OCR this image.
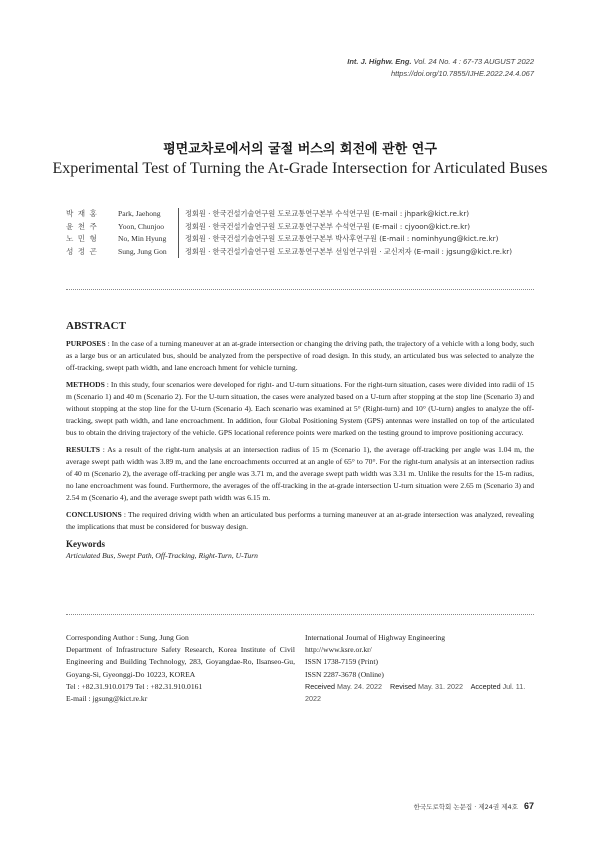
Int. J. Highw. Eng. Vol. 24 No. 4 : 67-73 AUGUST 2022
https://doi.org/10.7855/IJHE.2022.24.4.067
평면교차로에서의 굴절 버스의 회전에 관한 연구
Experimental Test of Turning the At-Grade Intersection for Articulated Buses
박 재 홍	Park, Jaehong	정회원 · 한국건설기술연구원 도로교통연구본부 수석연구원 (E-mail : jhpark@kict.re.kr)
윤 천 주	Yoon, Chunjoo	정회원 · 한국건설기술연구원 도로교통연구본부 수석연구원 (E-mail : cjyoon@kict.re.kr)
노 민 형	No, Min Hyung	정회원 · 한국건설기술연구원 도로교통연구본부 박사후연구원 (E-mail : nominhyung@kict.re.kr)
성 정 곤	Sung, Jung Gon	정회원 · 한국건설기술연구원 도로교통연구본부 선임연구위원 · 교신저자 (E-mail : jgsung@kict.re.kr)
ABSTRACT

PURPOSES : In the case of a turning maneuver at an at-grade intersection or changing the driving path, the trajectory of a vehicle with a long body, such as a large bus or an articulated bus, should be analyzed from the perspective of road design. In this study, an articulated bus was selected to analyze the off-tracking, swept path width, and lane encroach hment for vehicle turning.

METHODS : In this study, four scenarios were developed for right- and U-turn situations. For the right-turn situation, cases were divided into radii of 15 m (Scenario 1) and 40 m (Scenario 2). For the U-turn situation, the cases were analyzed based on a U-turn after stopping at the stop line (Scenario 3) and without stopping at the stop line for the U-turn (Scenario 4). Each scenario was examined at 5° (Right-turn) and 10° (U-turn) angles to analyze the off-tracking, swept path width, and lane encroachment. In addition, four Global Positioning System (GPS) antennas were installed on top of the articulated bus to obtain the driving trajectory of the vehicle. GPS locational reference points were marked on the testing ground to improve positioning accuracy.

RESULTS : As a result of the right-turn analysis at an intersection radius of 15 m (Scenario 1), the average off-tracking per angle was 1.04 m, the average swept path width was 3.89 m, and the lane encroachments occurred at an angle of 65° to 70°. For the right-turn analysis at an intersection radius of 40 m (Scenario 2), the average off-tracking per angle was 3.71 m, and the average swept path width was 3.31 m. Unlike the results for the 15-m radius, no lane encroachment was found. Furthermore, the averages of the off-tracking in the at-grade intersection U-turn situation were 2.65 m (Scenario 3) and 2.54 m (Scenario 4), and the average swept path width was 6.15 m.

CONCLUSIONS : The required driving width when an articulated bus performs a turning maneuver at an at-grade intersection was analyzed, revealing the implications that must be considered for busway design.

Keywords
Articulated Bus, Swept Path, Off-Tracking, Right-Turn, U-Turn
Corresponding Author : Sung, Jung Gon
Department of Infrastructure Safety Research, Korea Institute of Civil Engineering and Building Technology, 283, Goyangdae-Ro, Ilsanseo-Gu, Goyang-Si, Gyeonggi-Do 10223, KOREA
Tel : +82.31.910.0179 Tel : +82.31.910.0161
E-mail : jgsung@kict.re.kr
International Journal of Highway Engineering
http://www.ksre.or.kr/
ISSN 1738-7159 (Print)
ISSN 2287-3678 (Online)
Received May. 24. 2022 Revised May. 31. 2022 Accepted Jul. 11. 2022
한국도로학회 논문집 · 제24권 제4호 67
